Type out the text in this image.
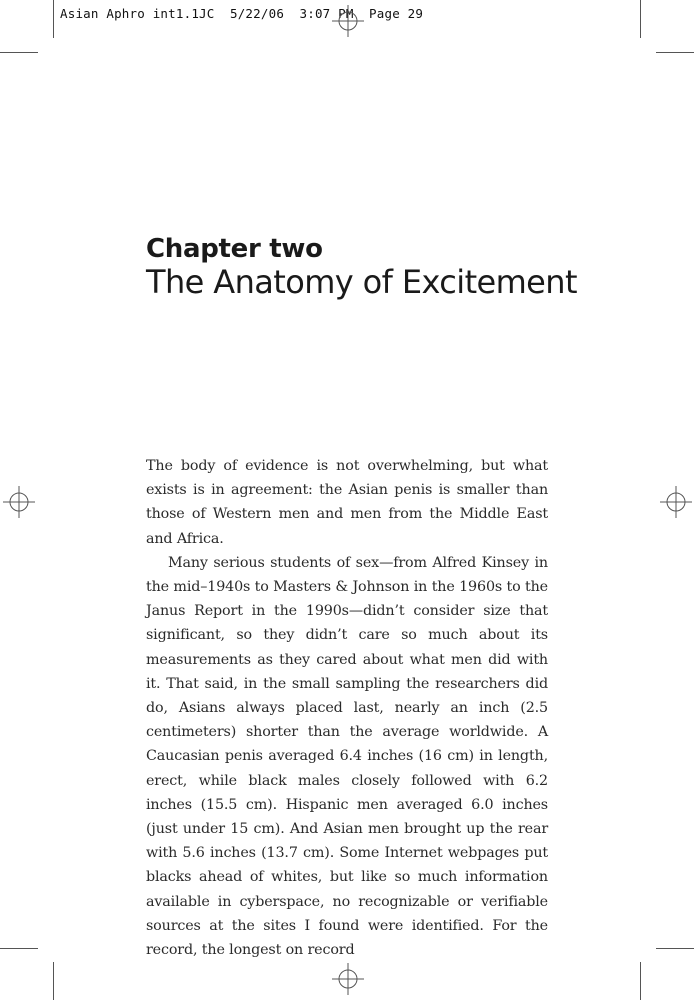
Asian Aphro int1.1JC  5/22/06  3:07 PM  Page 29
Chapter two
The Anatomy of Excitement

The body of evidence is not overwhelming, but what exists is in agreement: the Asian penis is smaller than those of Western men and men from the Middle East and Africa.

Many serious students of sex—from Alfred Kinsey in the mid–1940s to Masters & Johnson in the 1960s to the Janus Report in the 1990s—didn’t consider size that significant, so they didn’t care so much about its measurements as they cared about what men did with it. That said, in the small sampling the researchers did do, Asians always placed last, nearly an inch (2.5 centimeters) shorter than the average worldwide. A Caucasian penis averaged 6.4 inches (16 cm) in length, erect, while black males closely followed with 6.2 inches (15.5 cm). Hispanic men averaged 6.0 inches (just under 15 cm). And Asian men brought up the rear with 5.6 inches (13.7 cm). Some Internet webpages put blacks ahead of whites, but like so much information available in cyberspace, no recognizable or verifiable sources at the sites I found were identified. For the record, the longest on record
